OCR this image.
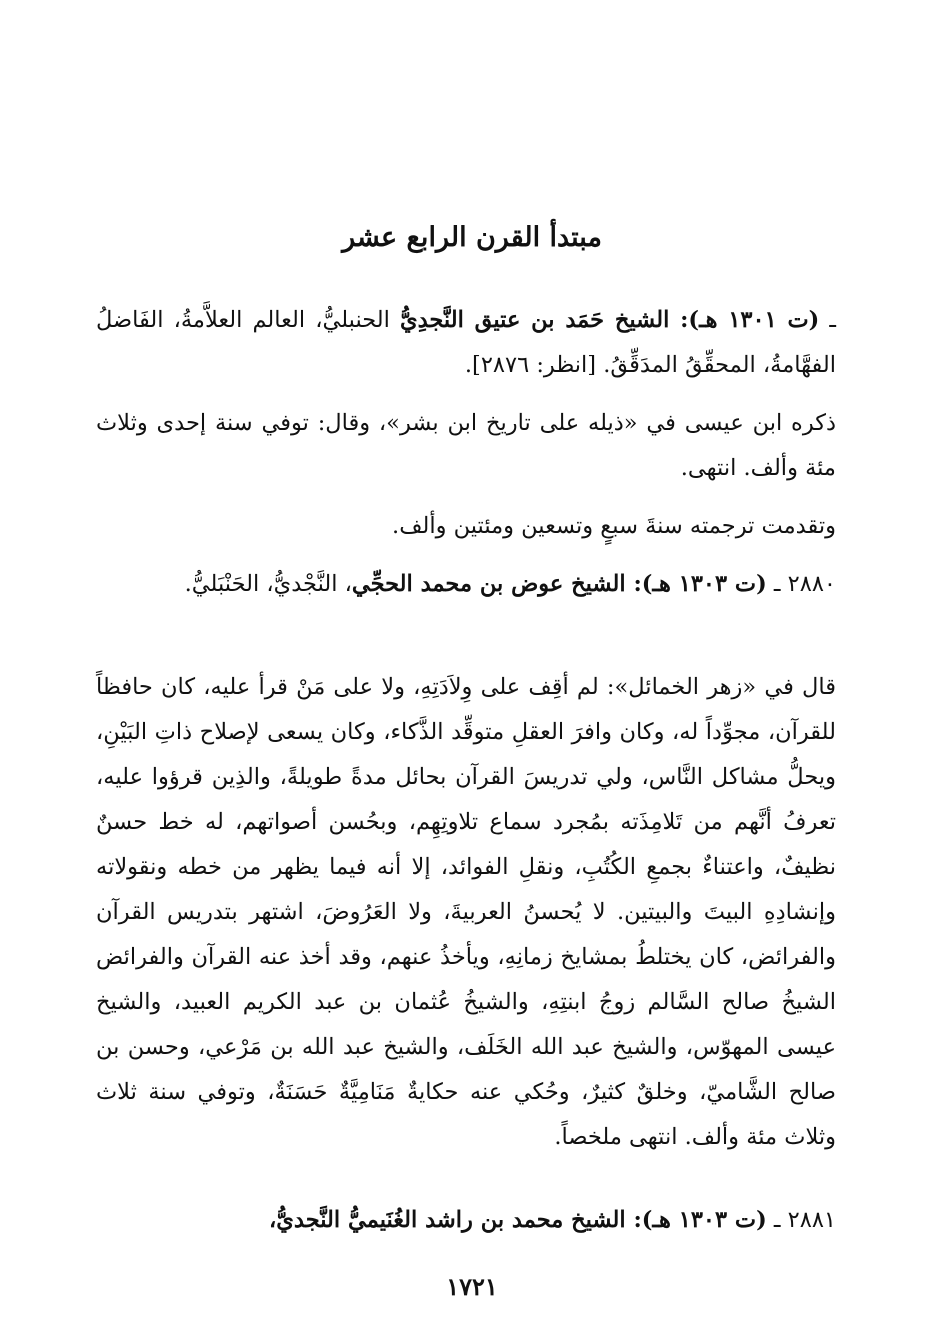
مبتدأ القرن الرابع عشر

ـ (ت ١٣٠١ هـ): الشيخ حَمَد بن عتيق النَّجدِيُّ الحنبليُّ، العالم العلاَّمةُ، الفَاضلُ الفهَّامةُ، المحقِّقُ المدَقِّقُ. [انظر: ٢٨٧٦].

ذكره ابن عيسى في «ذيله على تاريخ ابن بشر»، وقال: توفي سنة إحدى وثلاث مئة وألف. انتهى.

وتقدمت ترجمته سنةَ سبعٍ وتسعين ومئتين وألف.

٢٨٨٠ ـ (ت ١٣٠٣ هـ): الشيخ عوض بن محمد الحجِّي، النَّجْديُّ، الحَنْبَليُّ.

قال في «زهر الخمائل»: لم أقِف على وِلاَدَتِهِ، ولا على مَنْ قرأ عليه، كان حافظاً للقرآن، مجوِّداً له، وكان وافرَ العقلِ متوقِّد الذَّكاء، وكان يسعى لإصلاح ذاتِ البَيْنِ، ويحلُّ مشاكل النَّاس، ولي تدريسَ القرآن بحائل مدةً طويلةً، والذِين قرؤوا عليه، تعرفُ أنَّهم من تَلامِذَته بمُجرد سماع تلاوتِهِم، وبحُسن أصواتهم، له خط حسنٌ نظيفٌ، واعتناءٌ بجمعِ الكُتُبِ، ونقلِ الفوائد، إلا أنه فيما يظهر من خطه ونقولاته وإنشادِهِ البيتَ والبيتين. لا يُحسنُ العربيةَ، ولا العَرُوضَ، اشتهر بتدريس القرآن والفرائض، كان يختلطُ بمشايخ زمانِهِ، ويأخذُ عنهم، وقد أخذ عنه القرآن والفرائض الشيخُ صالح السَّالم زوجُ ابنتِهِ، والشيخُ عُثمان بن عبد الكريم العبيد، والشيخ عيسى المهوّس، والشيخ عبد الله الخَلَف، والشيخ عبد الله بن مَرْعي، وحسن بن صالح الشَّاميّ، وخلقٌ كثيرٌ، وحُكي عنه حكايةٌ مَنَامِيَّةٌ حَسَنَةٌ، وتوفي سنة ثلاث وثلاث مئة وألف. انتهى ملخصاً.

٢٨٨١ ـ (ت ١٣٠٣ هـ): الشيخ محمد بن راشد الغُنَيميُّ النَّجديُّ،

١٧٢١
